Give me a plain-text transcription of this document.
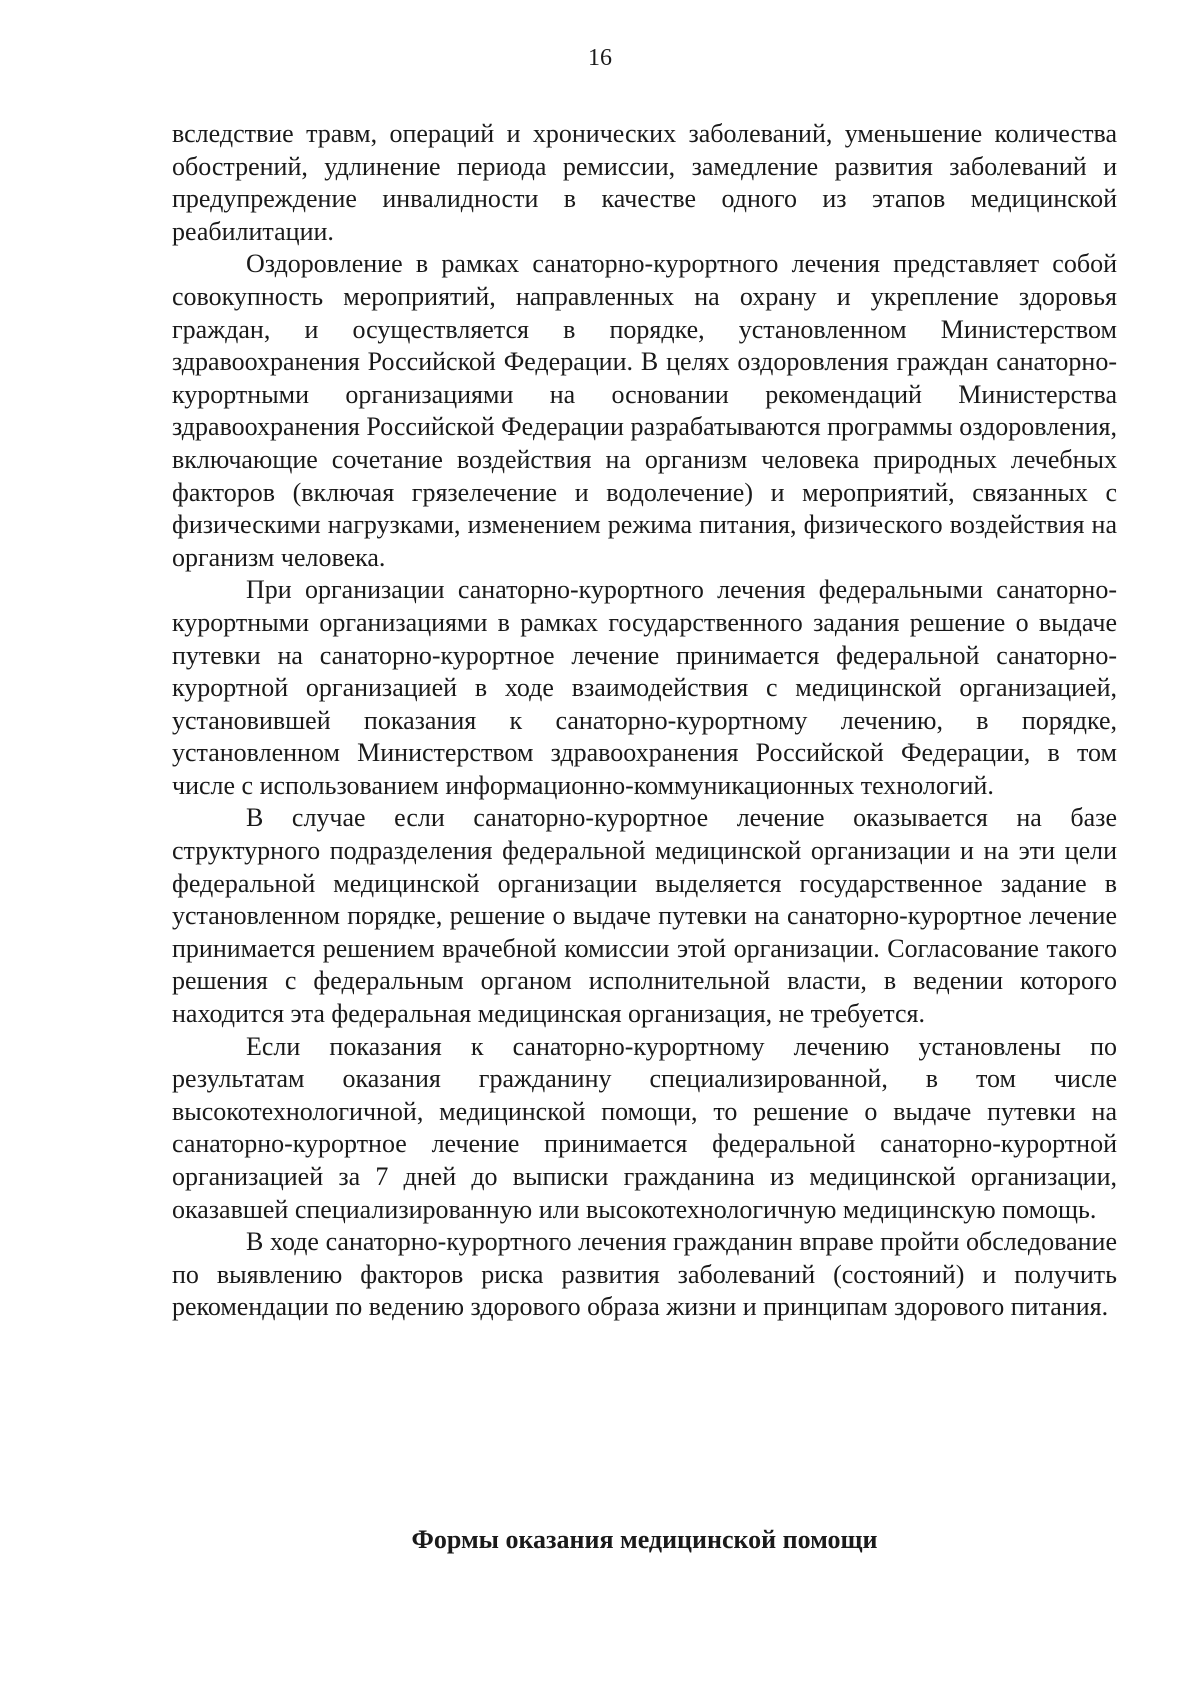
16

вследствие травм, операций и хронических заболеваний, уменьшение количества обострений, удлинение периода ремиссии, замедление развития заболеваний и предупреждение инвалидности в качестве одного из этапов медицинской реабилитации.

Оздоровление в рамках санаторно-курортного лечения представляет собой совокупность мероприятий, направленных на охрану и укрепление здоровья граждан, и осуществляется в порядке, установленном Министерством здравоохранения Российской Федерации. В целях оздоровления граждан санаторно-курортными организациями на основании рекомендаций Министерства здравоохранения Российской Федерации разрабатываются программы оздоровления, включающие сочетание воздействия на организм человека природных лечебных факторов (включая грязелечение и водолечение) и мероприятий, связанных с физическими нагрузками, изменением режима питания, физического воздействия на организм человека.

При организации санаторно-курортного лечения федеральными санаторно-курортными организациями в рамках государственного задания решение о выдаче путевки на санаторно-курортное лечение принимается федеральной санаторно-курортной организацией в ходе взаимодействия с медицинской организацией, установившей показания к санаторно-курортному лечению, в порядке, установленном Министерством здравоохранения Российской Федерации, в том числе с использованием информационно-коммуникационных технологий.

В случае если санаторно-курортное лечение оказывается на базе структурного подразделения федеральной медицинской организации и на эти цели федеральной медицинской организации выделяется государственное задание в установленном порядке, решение о выдаче путевки на санаторно-курортное лечение принимается решением врачебной комиссии этой организации. Согласование такого решения с федеральным органом исполнительной власти, в ведении которого находится эта федеральная медицинская организация, не требуется.

Если показания к санаторно-курортному лечению установлены по результатам оказания гражданину специализированной, в том числе высокотехнологичной, медицинской помощи, то решение о выдаче путевки на санаторно-курортное лечение принимается федеральной санаторно-курортной организацией за 7 дней до выписки гражданина из медицинской организации, оказавшей специализированную или высокотехнологичную медицинскую помощь.

В ходе санаторно-курортного лечения гражданин вправе пройти обследование по выявлению факторов риска развития заболеваний (состояний) и получить рекомендации по ведению здорового образа жизни и принципам здорового питания.

Формы оказания медицинской помощи
